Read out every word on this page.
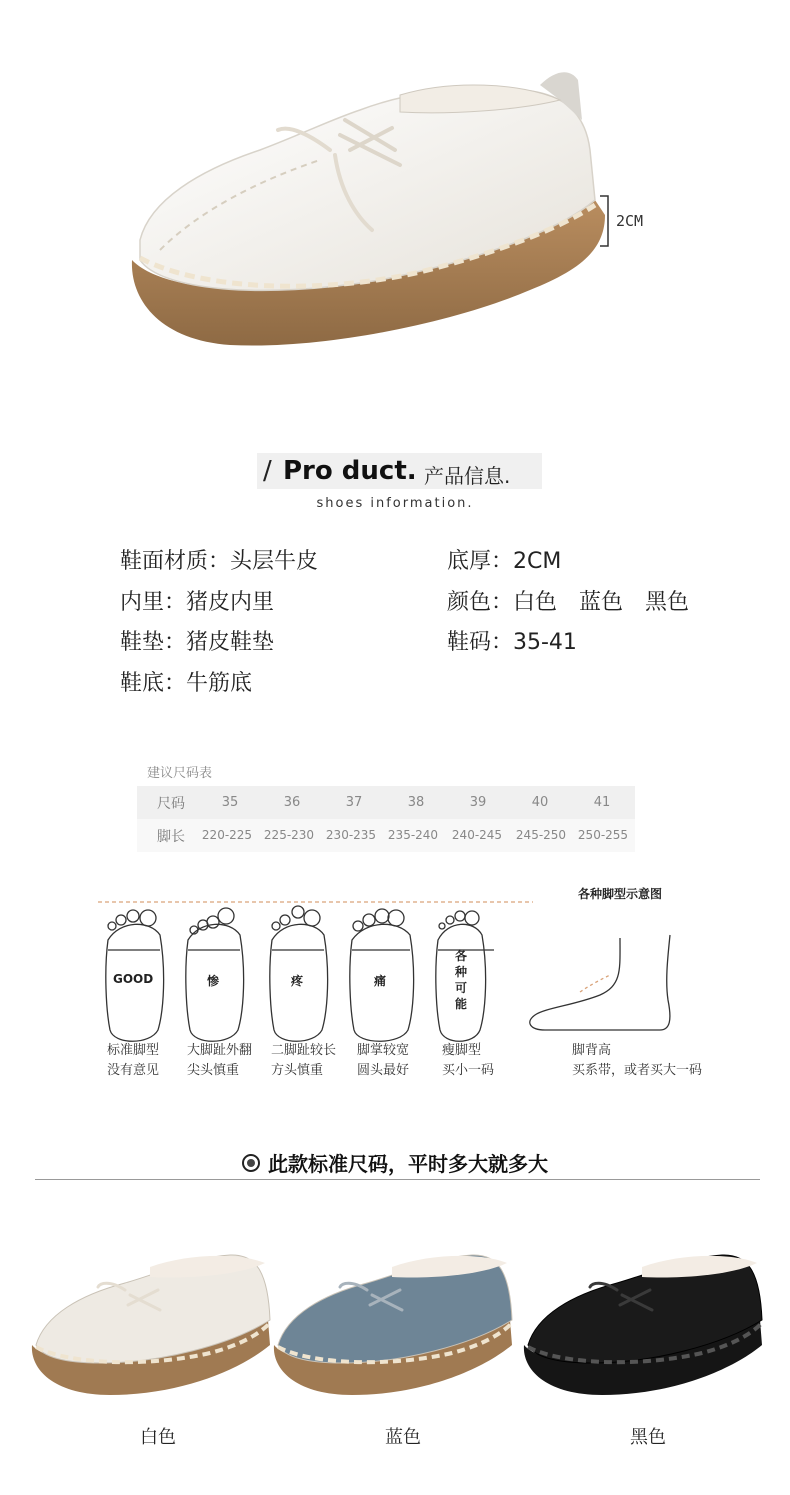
2CM
/ Pro duct. 产品信息.
shoes information.
鞋面材质：头层牛皮
内里：猪皮内里
鞋垫：猪皮鞋垫
鞋底：牛筋底
底厚：2CM
颜色：白色　蓝色　黑色
鞋码：35-41
建议尺码表
尺码	35	36	37	38	39	40	41
脚长	220-225 225-230 230-235 235-240	240-245	245-250 250-255
GOOD	惨	疼	痛
各种可能
各种脚型示意图
标准脚型
没有意见
大脚趾外翻
尖头慎重
二脚趾较长
方头慎重
脚掌较宽
圆头最好
瘦脚型
买小一码
脚背高
买系带，或者买大一码
此款标准尺码，平时多大就多大
白色	蓝色	黑色
